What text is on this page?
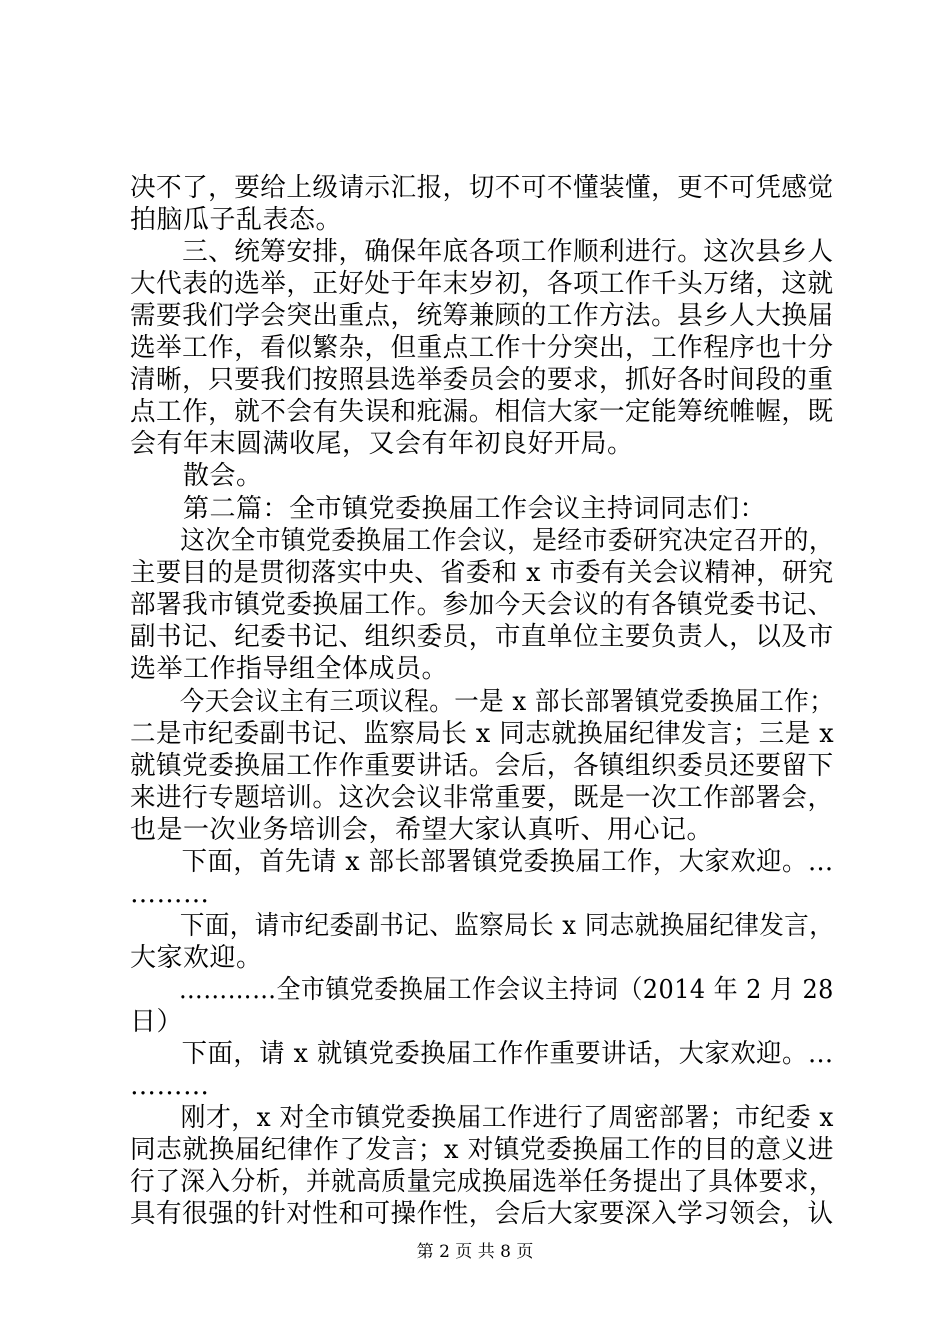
决不了，要给上级请示汇报，切不可不懂装懂，更不可凭感觉
拍脑瓜子乱表态。
　　三、统筹安排，确保年底各项工作顺利进行。这次县乡人
大代表的选举，正好处于年末岁初，各项工作千头万绪，这就
需要我们学会突出重点，统筹兼顾的工作方法。县乡人大换届
选举工作，看似繁杂，但重点工作十分突出，工作程序也十分
清晰，只要我们按照县选举委员会的要求，抓好各时间段的重
点工作，就不会有失误和疪漏。相信大家一定能筹统帷幄，既
会有年末圆满收尾，又会有年初良好开局。
　　散会。
　　第二篇：全市镇党委换届工作会议主持词同志们：
　　这次全市镇党委换届工作会议，是经市委研究决定召开的，
主要目的是贯彻落实中央、省委和 x 市委有关会议精神，研究
部署我市镇党委换届工作。参加今天会议的有各镇党委书记、
副书记、纪委书记、组织委员，市直单位主要负责人，以及市
选举工作指导组全体成员。
　　今天会议主有三项议程。一是 x 部长部署镇党委换届工作；
二是市纪委副书记、监察局长 x 同志就换届纪律发言；三是 x
就镇党委换届工作作重要讲话。会后，各镇组织委员还要留下
来进行专题培训。这次会议非常重要，既是一次工作部署会，
也是一次业务培训会，希望大家认真听、用心记。
　　下面，首先请 x 部长部署镇党委换届工作，大家欢迎。…
………
　　下面，请市纪委副书记、监察局长 x 同志就换届纪律发言，
大家欢迎。
　　…………全市镇党委换届工作会议主持词（2014 年 2 月 28
日）
　　下面，请 x 就镇党委换届工作作重要讲话，大家欢迎。…
………
　　刚才，x 对全市镇党委换届工作进行了周密部署；市纪委 x
同志就换届纪律作了发言；x 对镇党委换届工作的目的意义进
行了深入分析，并就高质量完成换届选举任务提出了具体要求，
具有很强的针对性和可操作性，会后大家要深入学习领会，认
第 2 页 共 8 页
